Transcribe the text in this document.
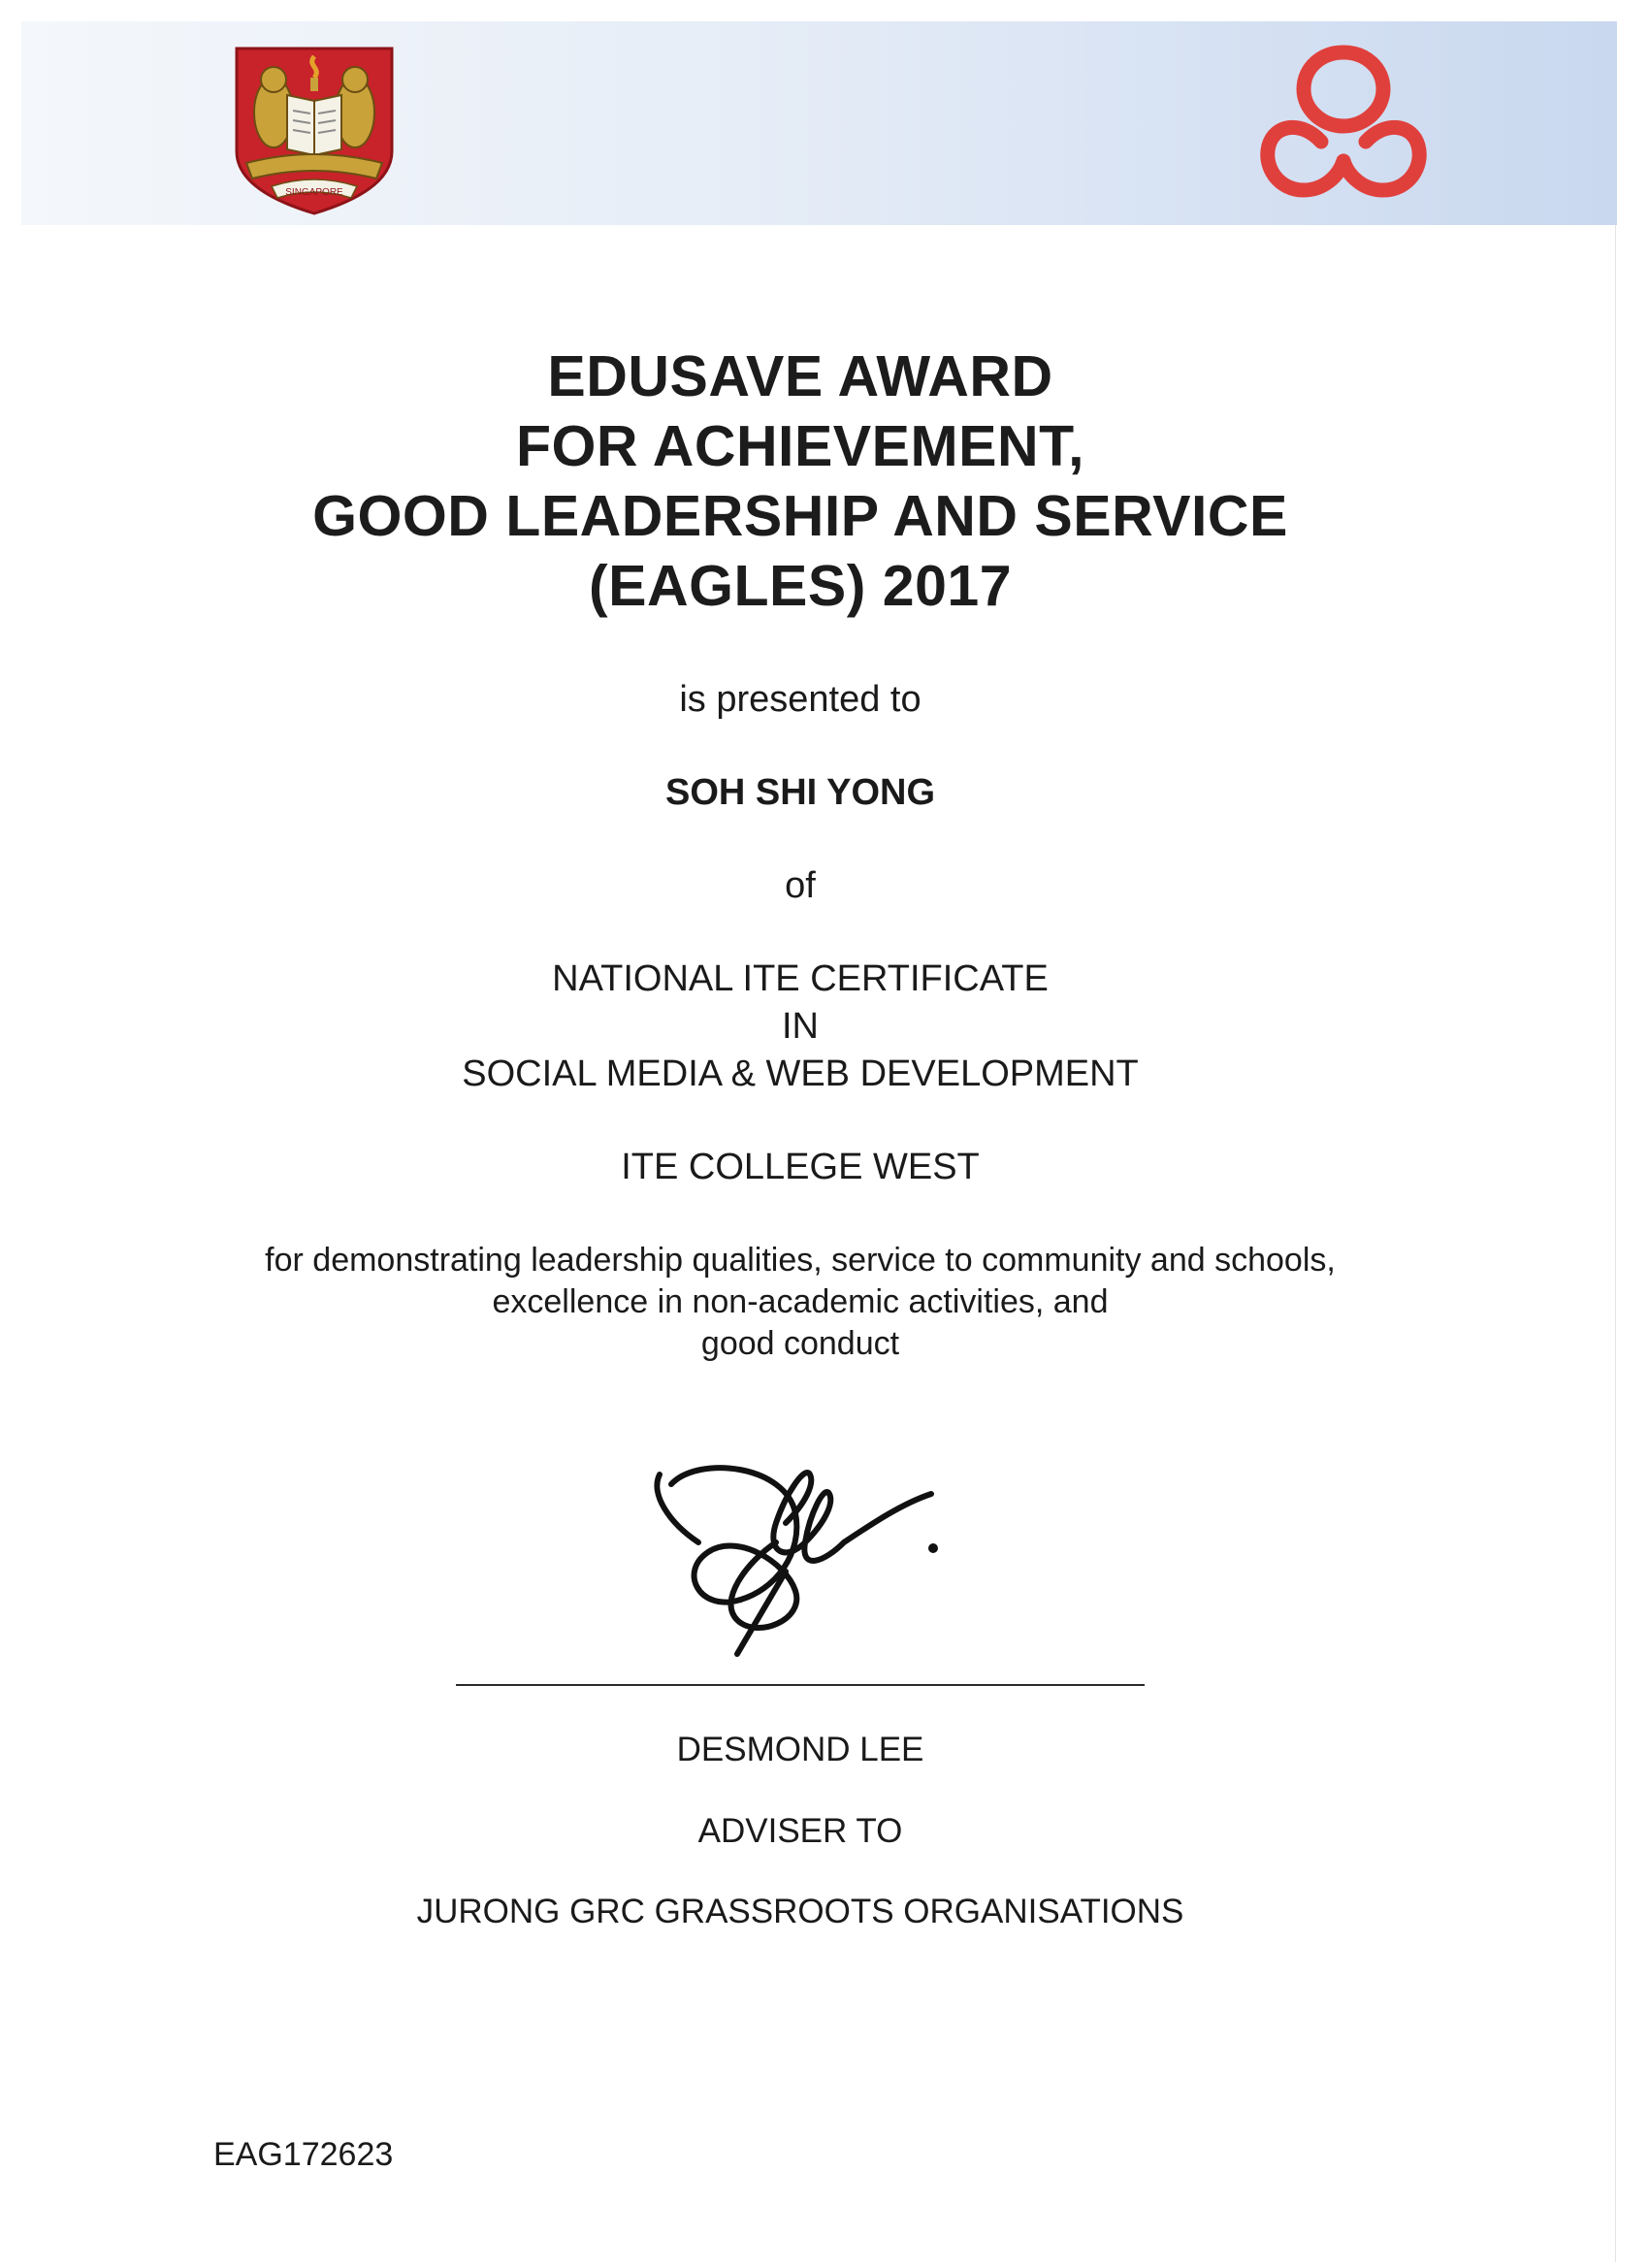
SINGAPORE
EDUSAVE AWARD
FOR ACHIEVEMENT,
GOOD LEADERSHIP AND SERVICE
(EAGLES) 2017
is presented to
SOH SHI YONG
of
NATIONAL ITE CERTIFICATE
IN
SOCIAL MEDIA & WEB DEVELOPMENT
ITE COLLEGE WEST
for demonstrating leadership qualities, service to community and schools,
excellence in non-academic activities, and
good conduct
DESMOND LEE
ADVISER TO
JURONG GRC GRASSROOTS ORGANISATIONS
EAG172623
